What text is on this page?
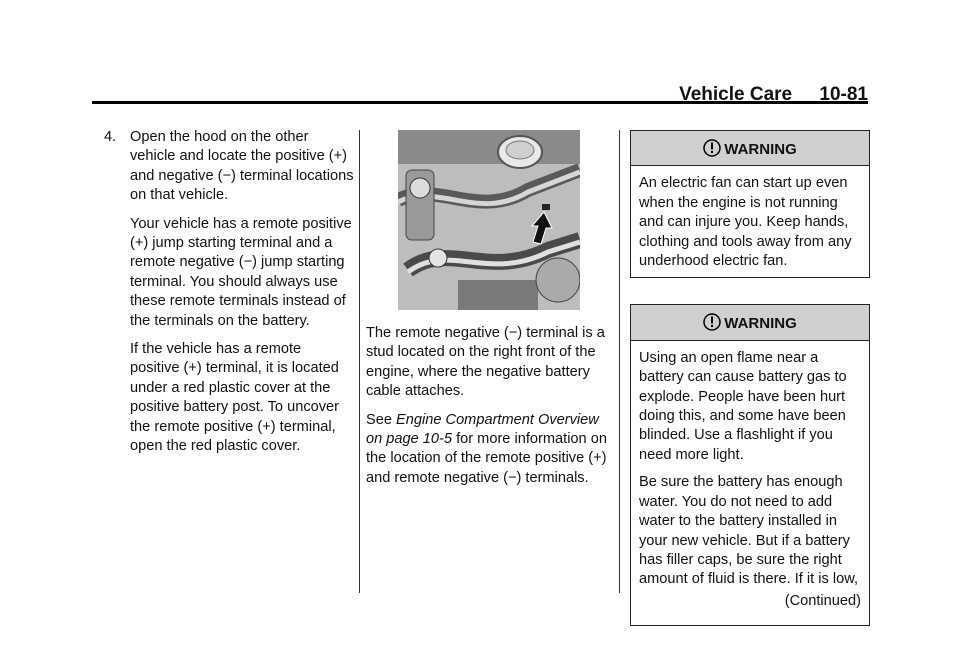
Vehicle Care 10-81
4. Open the hood on the other vehicle and locate the positive (+) and negative (−) terminal locations on that vehicle.

Your vehicle has a remote positive (+) jump starting terminal and a remote negative (−) jump starting terminal. You should always use these remote terminals instead of the terminals on the battery.

If the vehicle has a remote positive (+) terminal, it is located under a red plastic cover at the positive battery post. To uncover the remote positive (+) terminal, open the red plastic cover.

The remote negative (−) terminal is a stud located on the right front of the engine, where the negative battery cable attaches.

See Engine Compartment Overview on page 10‑5 for more information on the location of the remote positive (+) and remote negative (−) terminals.

WARNING

An electric fan can start up even when the engine is not running and can injure you. Keep hands, clothing and tools away from any underhood electric fan.

WARNING

Using an open flame near a battery can cause battery gas to explode. People have been hurt doing this, and some have been blinded. Use a flashlight if you need more light.

Be sure the battery has enough water. You do not need to add water to the battery installed in your new vehicle. But if a battery has filler caps, be sure the right amount of fluid is there. If it is low,

(Continued)
